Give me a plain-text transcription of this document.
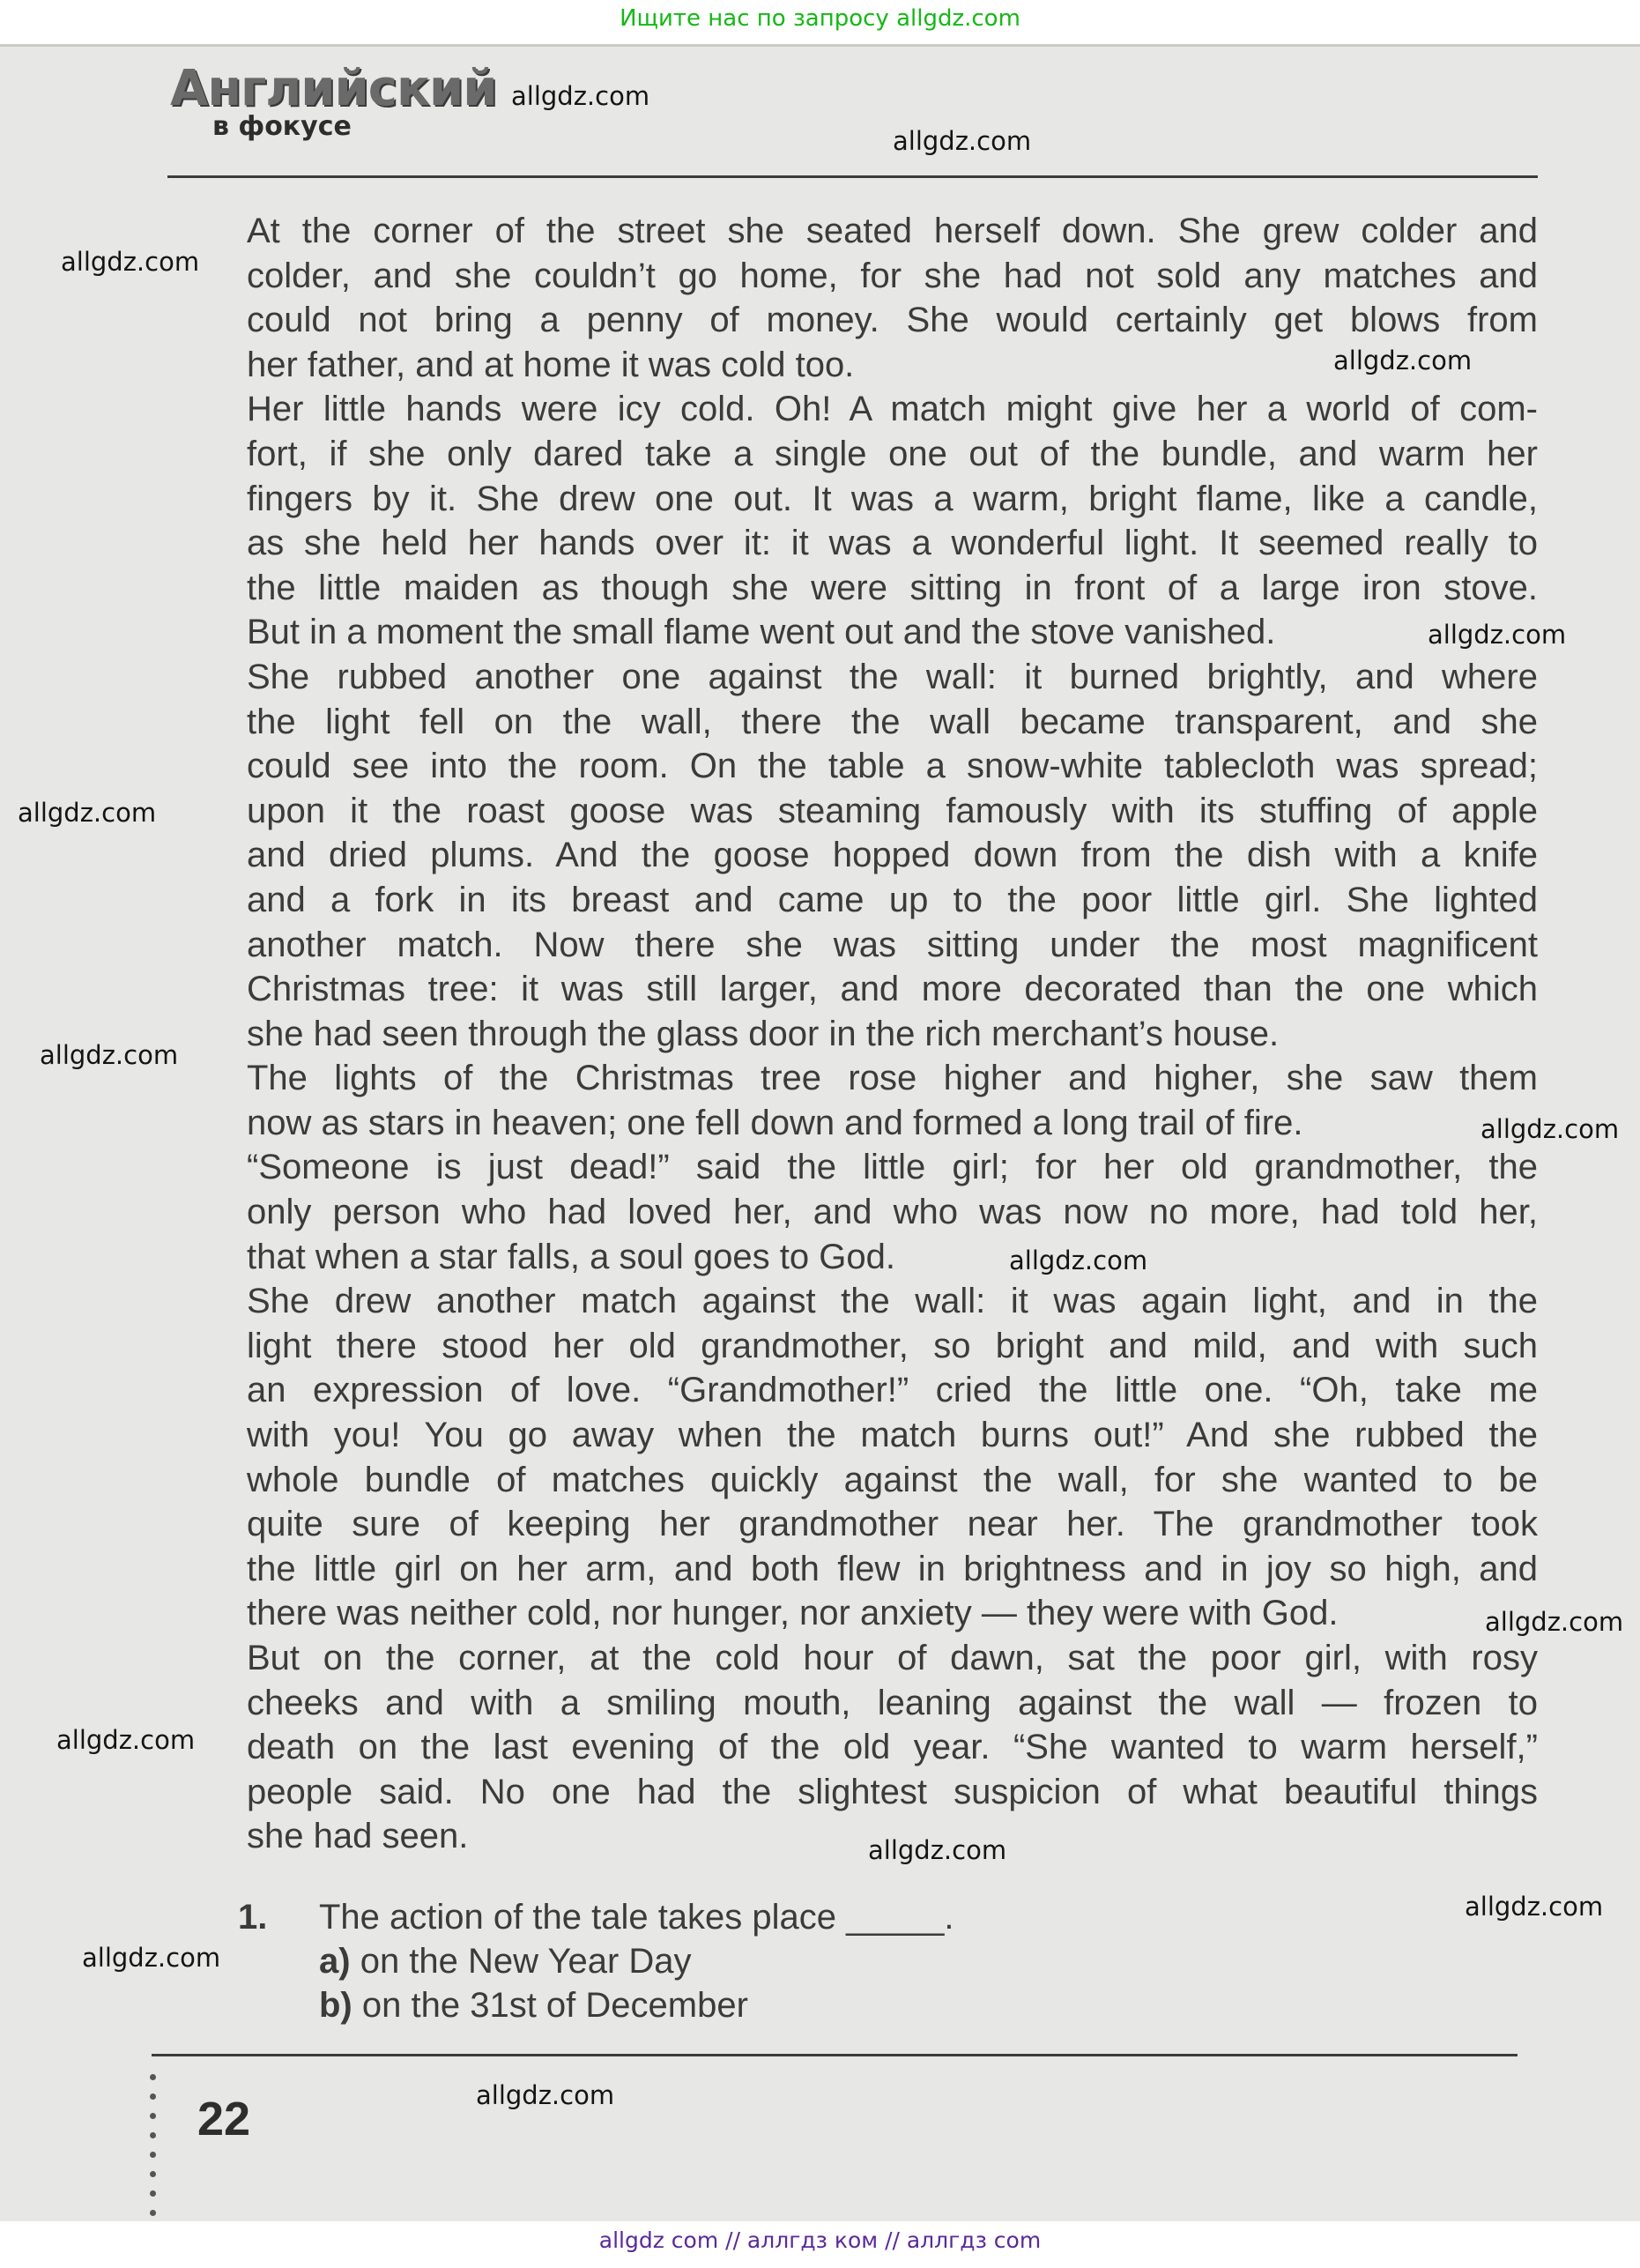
Ищите нас по запросу allgdz.com
Английский
в фокусе
At the corner of the street she seated herself down. She grew colder and
colder, and she couldn’t go home, for she had not sold any matches and
could not bring a penny of money. She would certainly get blows from
her father, and at home it was cold too.
Her little hands were icy cold. Oh! A match might give her a world of com-
fort, if she only dared take a single one out of the bundle, and warm her
fingers by it. She drew one out. It was a warm, bright flame, like a candle,
as she held her hands over it: it was a wonderful light. It seemed really to
the little maiden as though she were sitting in front of a large iron stove.
But in a moment the small flame went out and the stove vanished.
She rubbed another one against the wall: it burned brightly, and where
the light fell on the wall, there the wall became transparent, and she
could see into the room. On the table a snow-white tablecloth was spread;
upon it the roast goose was steaming famously with its stuffing of apple
and dried plums. And the goose hopped down from the dish with a knife
and a fork in its breast and came up to the poor little girl. She lighted
another match. Now there she was sitting under the most magnificent
Christmas tree: it was still larger, and more decorated than the one which
she had seen through the glass door in the rich merchant’s house.
The lights of the Christmas tree rose higher and higher, she saw them
now as stars in heaven; one fell down and formed a long trail of fire.
“Someone is just dead!” said the little girl; for her old grandmother, the
only person who had loved her, and who was now no more, had told her,
that when a star falls, a soul goes to God.
She drew another match against the wall: it was again light, and in the
light there stood her old grandmother, so bright and mild, and with such
an expression of love. “Grandmother!” cried the little one. “Oh, take me
with you! You go away when the match burns out!” And she rubbed the
whole bundle of matches quickly against the wall, for she wanted to be
quite sure of keeping her grandmother near her. The grandmother took
the little girl on her arm, and both flew in brightness and in joy so high, and
there was neither cold, nor hunger, nor anxiety — they were with God.
But on the corner, at the cold hour of dawn, sat the poor girl, with rosy
cheeks and with a smiling mouth, leaning against the wall — frozen to
death on the last evening of the old year. “She wanted to warm herself,”
people said. No one had the slightest suspicion of what beautiful things
she had seen.
1. The action of the tale takes place _____.
a) on the New Year Day
b) on the 31st of December
22
allgdz.com
allgdz.com
allgdz.com
allgdz.com
allgdz.com
allgdz.com
allgdz.com
allgdz.com
allgdz.com
allgdz.com
allgdz.com
allgdz.com
allgdz.com
allgdz.com
allgdz.com
allgdz com // аллгдз ком // аллгдз com
